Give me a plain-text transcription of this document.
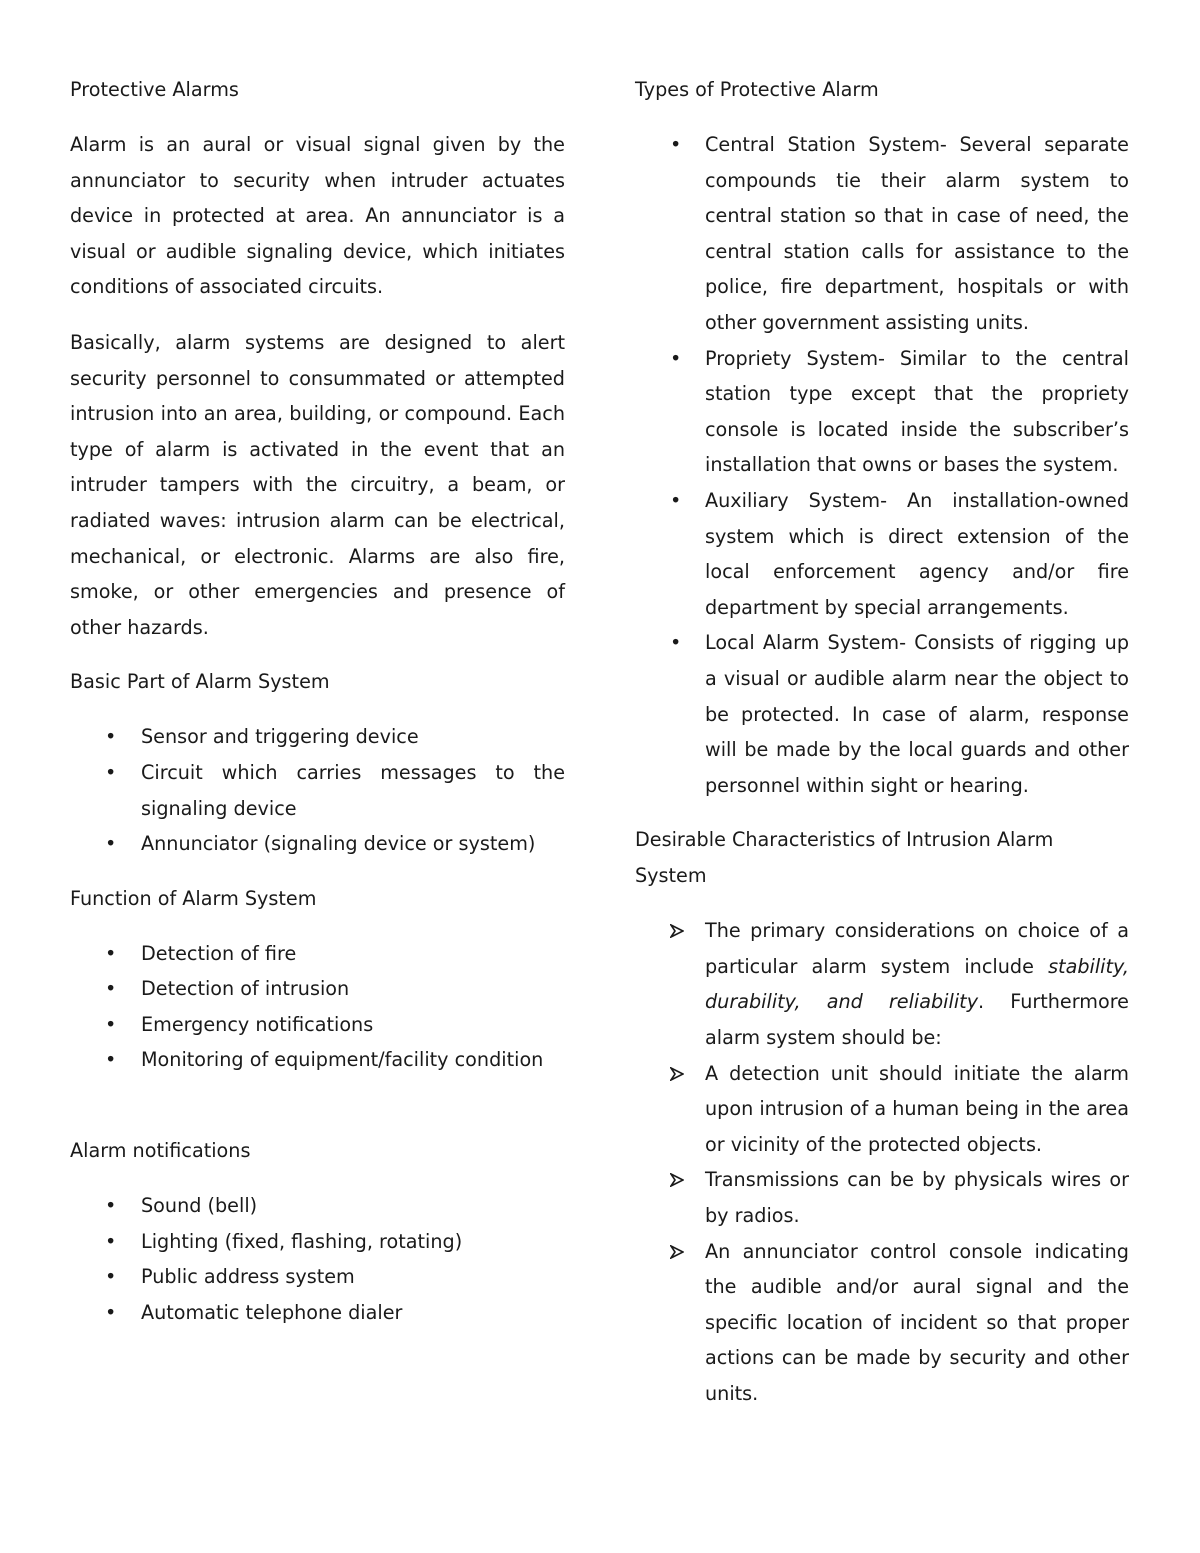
Protective Alarms

Alarm is an aural or visual signal given by the annunciator to security when intruder actuates device in protected at area. An annunciator is a visual or audible signaling device, which initiates conditions of associated circuits.

Basically, alarm systems are designed to alert security personnel to consummated or attempted intrusion into an area, building, or compound. Each type of alarm is activated in the event that an intruder tampers with the circuitry, a beam, or radiated waves: intrusion alarm can be electrical, mechanical, or electronic. Alarms are also fire, smoke, or other emergencies and presence of other hazards.

Basic Part of Alarm System
•	Sensor and triggering device
•	Circuit which carries messages to the signaling device
•	Annunciator (signaling device or system)
Function of Alarm System
•	Detection of fire
•	Detection of intrusion
•	Emergency notifications
•	Monitoring of equipment/facility condition
Alarm notifications
•	Sound (bell)
•	Lighting (fixed, flashing, rotating)
•	Public address system
•	Automatic telephone dialer
Types of Protective Alarm
•	Central Station System- Several separate compounds tie their alarm system to central station so that in case of need, the central station calls for assistance to the police, fire department, hospitals or with other government assisting units.
•	Propriety System- Similar to the central station type except that the propriety console is located inside the subscriber’s installation that owns or bases the system.
•	Auxiliary System- An installation-owned system which is direct extension of the local enforcement agency and/or fire department by special arrangements.
•	Local Alarm System- Consists of rigging up a visual or audible alarm near the object to be protected. In case of alarm, response will be made by the local guards and other personnel within sight or hearing.
Desirable Characteristics of Intrusion Alarm System
The primary considerations on choice of a particular alarm system include stability, durability, and reliability. Furthermore alarm system should be:
A detection unit should initiate the alarm upon intrusion of a human being in the area or vicinity of the protected objects.
Transmissions can be by physicals wires or by radios.
An annunciator control console indicating the audible and/or aural signal and the specific location of incident so that proper actions can be made by security and other units.
